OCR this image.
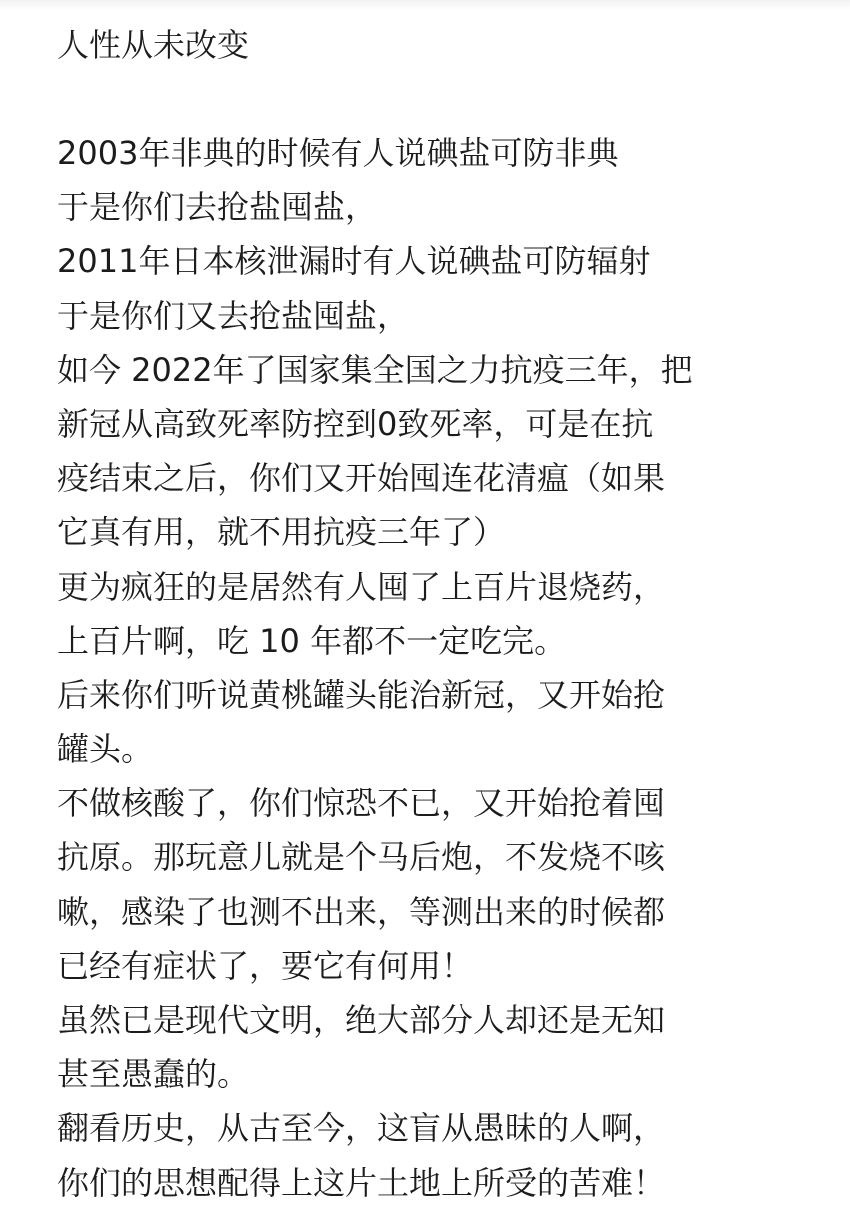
人性从未改变
2003年非典的时候有人说碘盐可防非典
于是你们去抢盐囤盐，
2011年日本核泄漏时有人说碘盐可防辐射
于是你们又去抢盐囤盐，
如今 2022年了国家集全国之力抗疫三年，把
新冠从高致死率防控到0致死率，可是在抗
疫结束之后，你们又开始囤连花清瘟（如果
它真有用，就不用抗疫三年了）
更为疯狂的是居然有人囤了上百片退烧药，
上百片啊，吃 10 年都不一定吃完。
后来你们听说黄桃罐头能治新冠，又开始抢
罐头。
不做核酸了，你们惊恐不已，又开始抢着囤
抗原。那玩意儿就是个马后炮，不发烧不咳
嗽，感染了也测不出来，等测出来的时候都
已经有症状了，要它有何用！
虽然已是现代文明，绝大部分人却还是无知
甚至愚蠢的。
翻看历史，从古至今，这盲从愚昧的人啊，
你们的思想配得上这片土地上所受的苦难！
